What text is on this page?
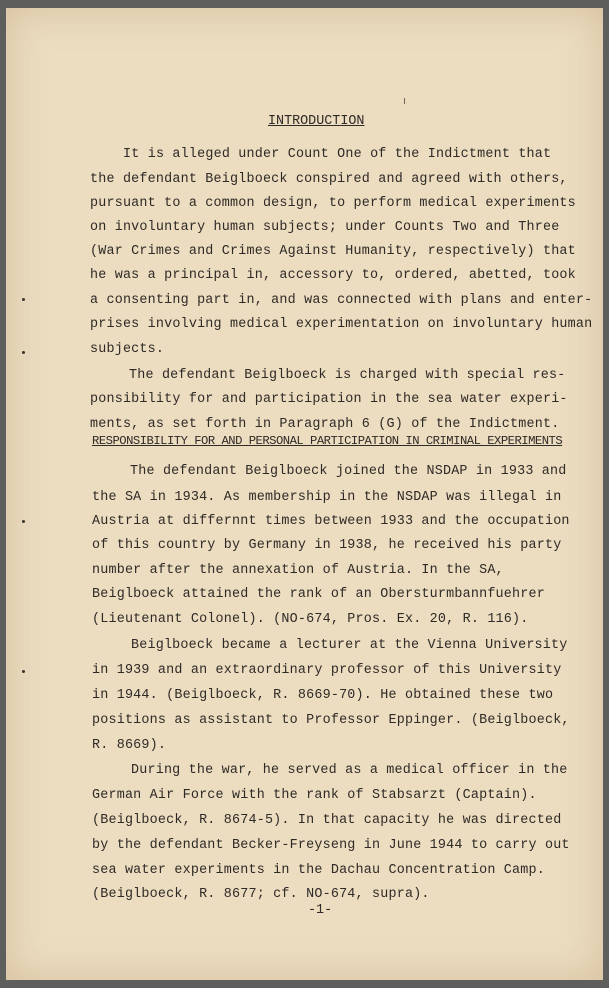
INTRODUCTION
It is alleged under Count One of the Indictment that
the defendant Beiglboeck conspired and agreed with others,
pursuant to a common design, to perform medical experiments
on involuntary human subjects; under Counts Two and Three
(War Crimes and Crimes Against Humanity, respectively) that
he was a principal in, accessory to, ordered, abetted, took
a consenting part in, and was connected with plans and enter-
prises involving medical experimentation on involuntary human
subjects.
The defendant Beiglboeck is charged with special res-
ponsibility for and participation in the sea water experi-
ments, as set forth in Paragraph 6 (G) of the Indictment.
RESPONSIBILITY FOR AND PERSONAL PARTICIPATION IN CRIMINAL EXPERIMENTS
The defendant Beiglboeck joined the NSDAP in 1933 and
the SA in 1934. As membership in the NSDAP was illegal in
Austria at differnnt times between 1933 and the occupation
of this country by Germany in 1938, he received his party
number after the annexation of Austria. In the SA,
Beiglboeck attained the rank of an Obersturmbannfuehrer
(Lieutenant Colonel). (NO-674, Pros. Ex. 20, R. 116).
Beiglboeck became a lecturer at the Vienna University
in 1939 and an extraordinary professor of this University
in 1944. (Beiglboeck, R. 8669-70). He obtained these two
positions as assistant to Professor Eppinger. (Beiglboeck,
R. 8669).
During the war, he served as a medical officer in the
German Air Force with the rank of Stabsarzt (Captain).
(Beiglboeck, R. 8674-5). In that capacity he was directed
by the defendant Becker-Freyseng in June 1944 to carry out
sea water experiments in the Dachau Concentration Camp.
(Beiglboeck, R. 8677; cf. NO-674, supra).
-1-
